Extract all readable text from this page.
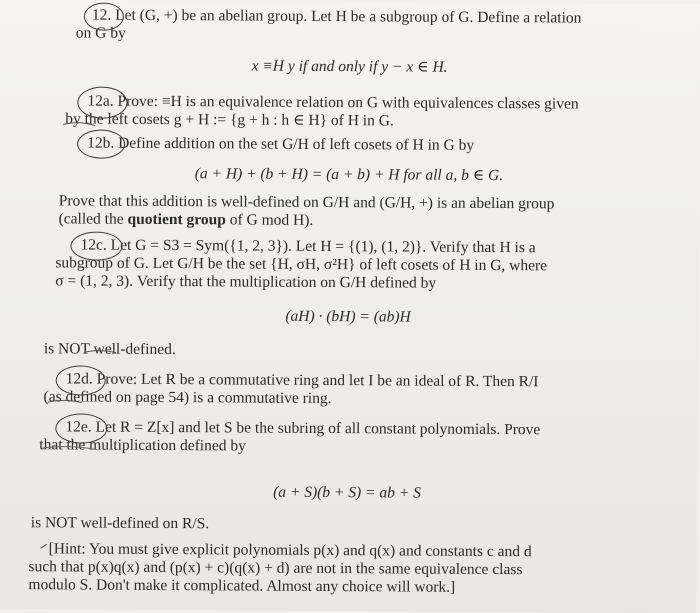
12. Let (G, +) be an abelian group. Let H be a subgroup of G. Define a relation
on G by
x ≡H y if and only if y − x ∈ H.
12a. Prove: ≡H is an equivalence relation on G with equivalences classes given
by the left cosets g + H := {g + h : h ∈ H} of H in G.
12b. Define addition on the set G/H of left cosets of H in G by
(a + H) + (b + H) = (a + b) + H for all a, b ∈ G.
Prove that this addition is well-defined on G/H and (G/H, +) is an abelian group
(called the quotient group of G mod H).
12c. Let G = S3 = Sym({1, 2, 3}). Let H = {(1), (1, 2)}. Verify that H is a
subgroup of G. Let G/H be the set {H, σH, σ²H} of left cosets of H in G, where
σ = (1, 2, 3). Verify that the multiplication on G/H defined by
(aH) · (bH) = (ab)H
is NOT well-defined.
12d. Prove: Let R be a commutative ring and let I be an ideal of R. Then R/I
(as defined on page 54) is a commutative ring.
12e. Let R = Z[x] and let S be the subring of all constant polynomials. Prove
that the multiplication defined by
(a + S)(b + S) = ab + S
is NOT well-defined on R/S.
[Hint: You must give explicit polynomials p(x) and q(x) and constants c and d
such that p(x)q(x) and (p(x) + c)(q(x) + d) are not in the same equivalence class
modulo S. Don't make it complicated. Almost any choice will work.]
